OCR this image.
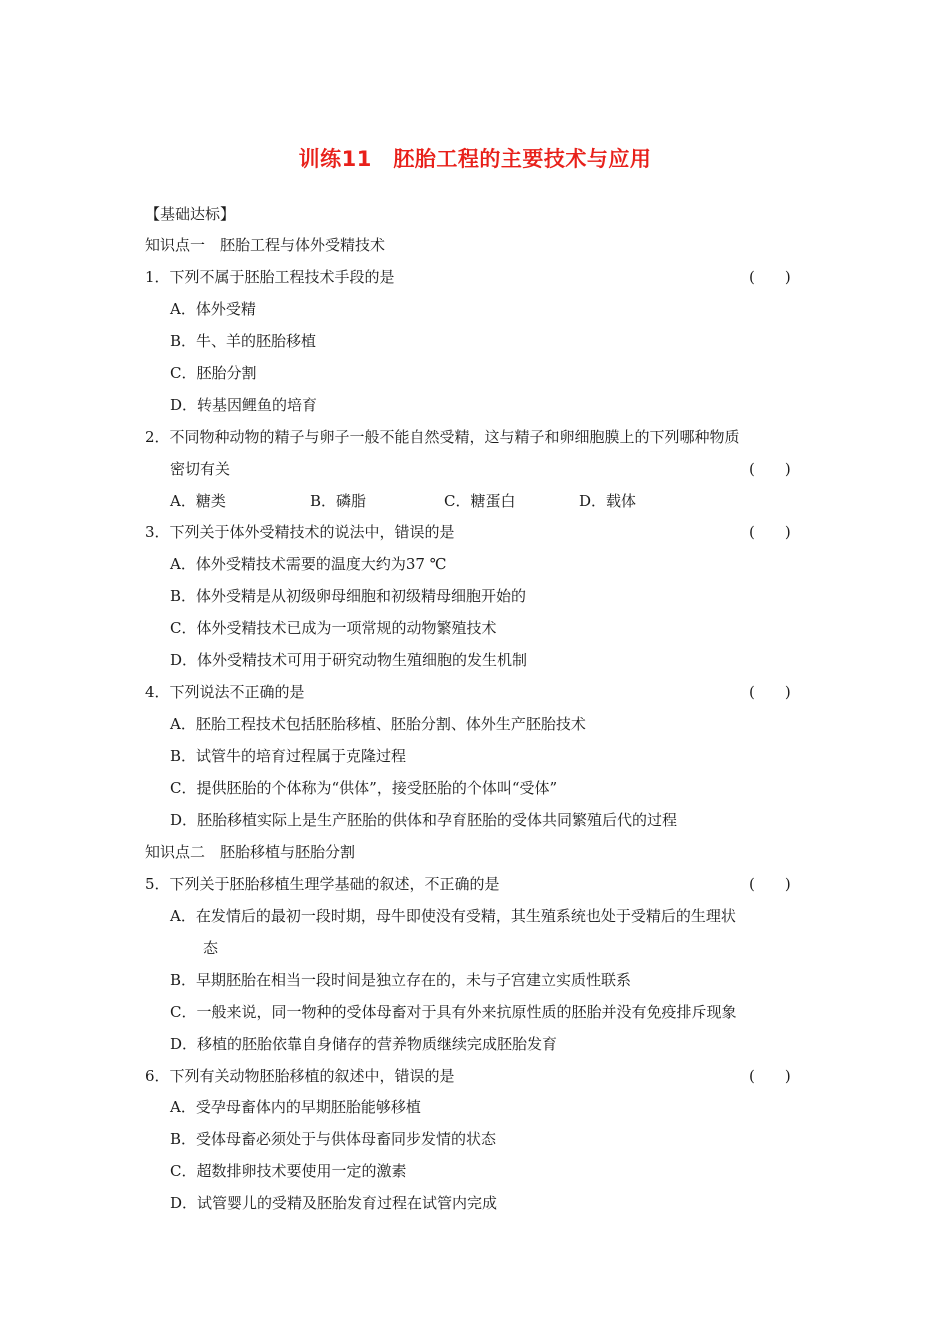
训练11　胚胎工程的主要技术与应用
【基础达标】
知识点一　胚胎工程与体外受精技术
1．下列不属于胚胎工程技术手段的是	(　　)
A．体外受精
B．牛、羊的胚胎移植
C．胚胎分割
D．转基因鲤鱼的培育
2．不同物种动物的精子与卵子一般不能自然受精，这与精子和卵细胞膜上的下列哪种物质
密切有关	(　　)
A．糖类	B．磷脂	C．糖蛋白	D．载体
3．下列关于体外受精技术的说法中，错误的是	(　　)
A．体外受精技术需要的温度大约为37 ℃
B．体外受精是从初级卵母细胞和初级精母细胞开始的
C．体外受精技术已成为一项常规的动物繁殖技术
D．体外受精技术可用于研究动物生殖细胞的发生机制
4．下列说法不正确的是	(　　)
A．胚胎工程技术包括胚胎移植、胚胎分割、体外生产胚胎技术
B．试管牛的培育过程属于克隆过程
C．提供胚胎的个体称为“供体”，接受胚胎的个体叫“受体”
D．胚胎移植实际上是生产胚胎的供体和孕育胚胎的受体共同繁殖后代的过程
知识点二　胚胎移植与胚胎分割
5．下列关于胚胎移植生理学基础的叙述，不正确的是	(　　)
A．在发情后的最初一段时期，母牛即使没有受精，其生殖系统也处于受精后的生理状
态
B．早期胚胎在相当一段时间是独立存在的，未与子宫建立实质性联系
C．一般来说，同一物种的受体母畜对于具有外来抗原性质的胚胎并没有免疫排斥现象
D．移植的胚胎依靠自身储存的营养物质继续完成胚胎发育
6．下列有关动物胚胎移植的叙述中，错误的是	(　　)
A．受孕母畜体内的早期胚胎能够移植
B．受体母畜必须处于与供体母畜同步发情的状态
C．超数排卵技术要使用一定的激素
D．试管婴儿的受精及胚胎发育过程在试管内完成
